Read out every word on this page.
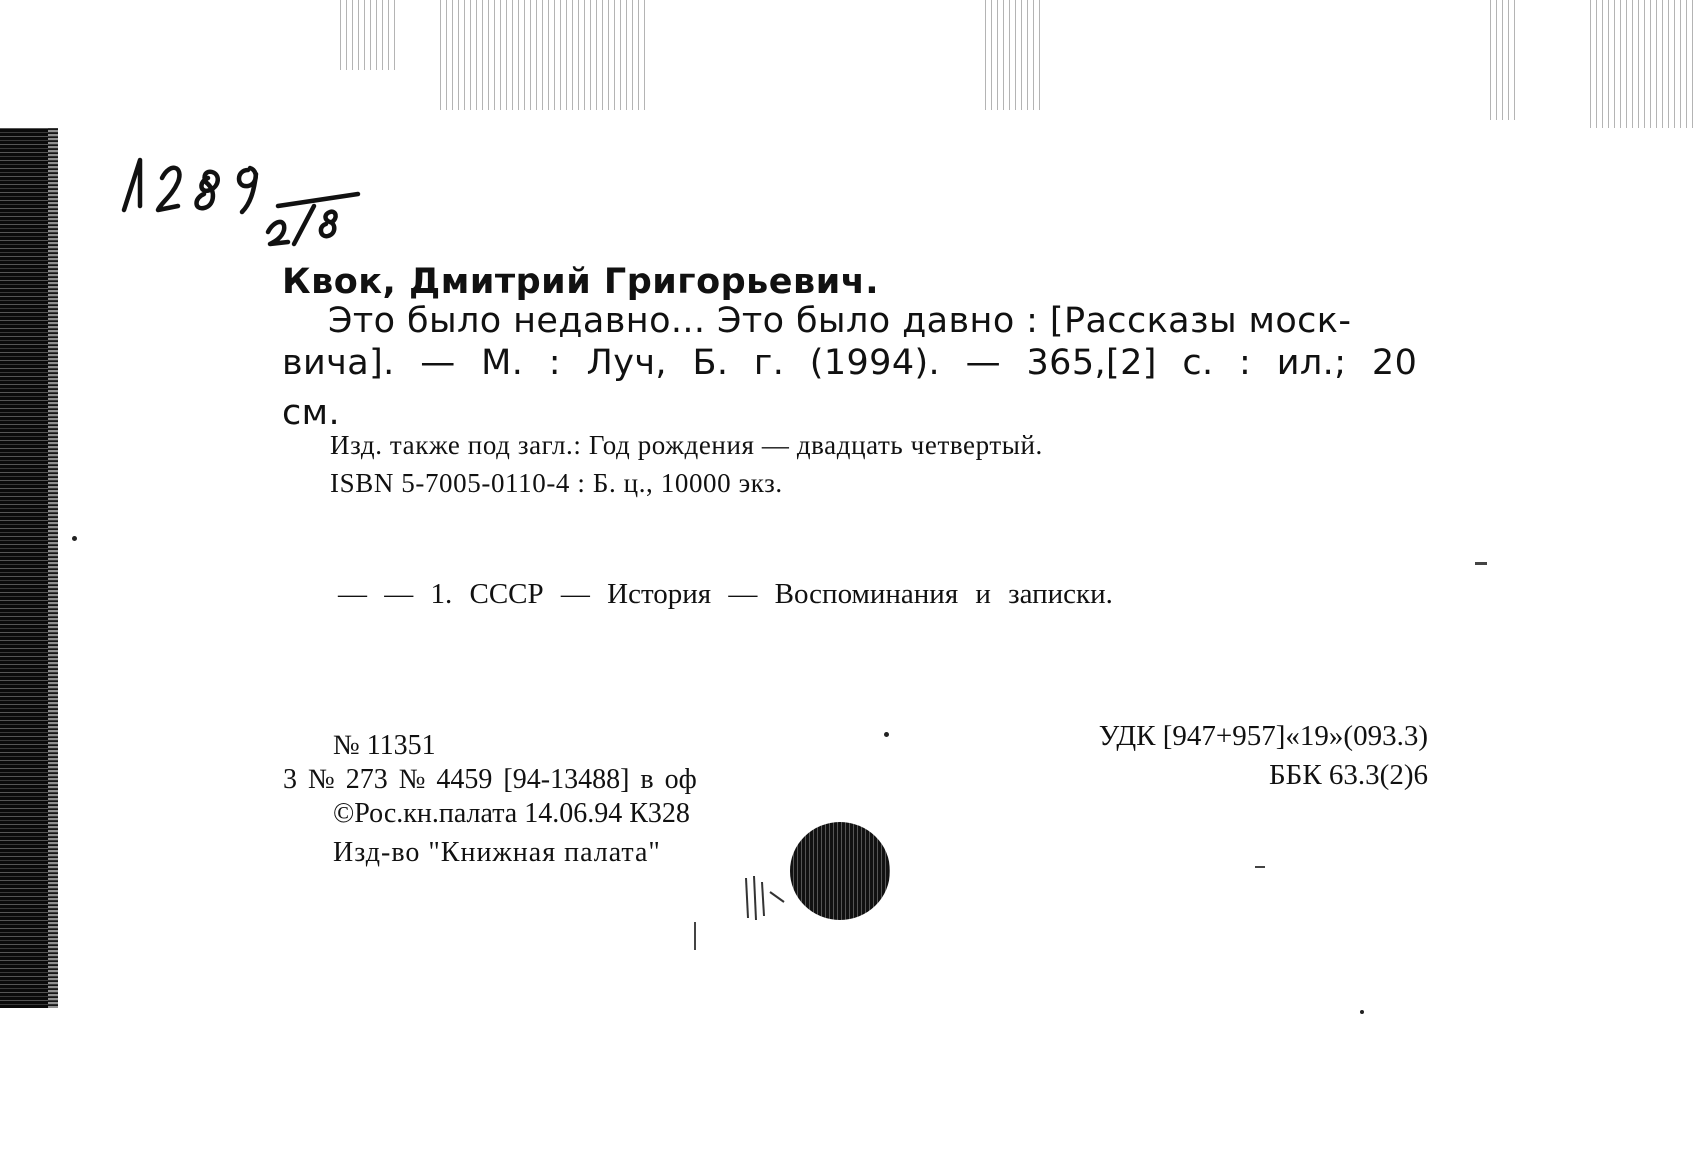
Квок, Дмитрий Григорьевич.
Это было недавно... Это было давно : [Рассказы моск-
вича]. — М. : Луч, Б. г. (1994). — 365,[2] с. : ил.; 20
см.
Изд. также под загл.: Год рождения — двадцать четвертый.
ISBN 5-7005-0110-4 : Б. ц., 10000 экз.
— — 1. СССР — История — Воспоминания и записки.
№ 11351
3 № 273 № 4459 [94-13488] в оф
©Рос.кн.палата 14.06.94 К328
Изд-во "Книжная палата"
УДК [947+957]«19»(093.3)
ББК 63.3(2)6
